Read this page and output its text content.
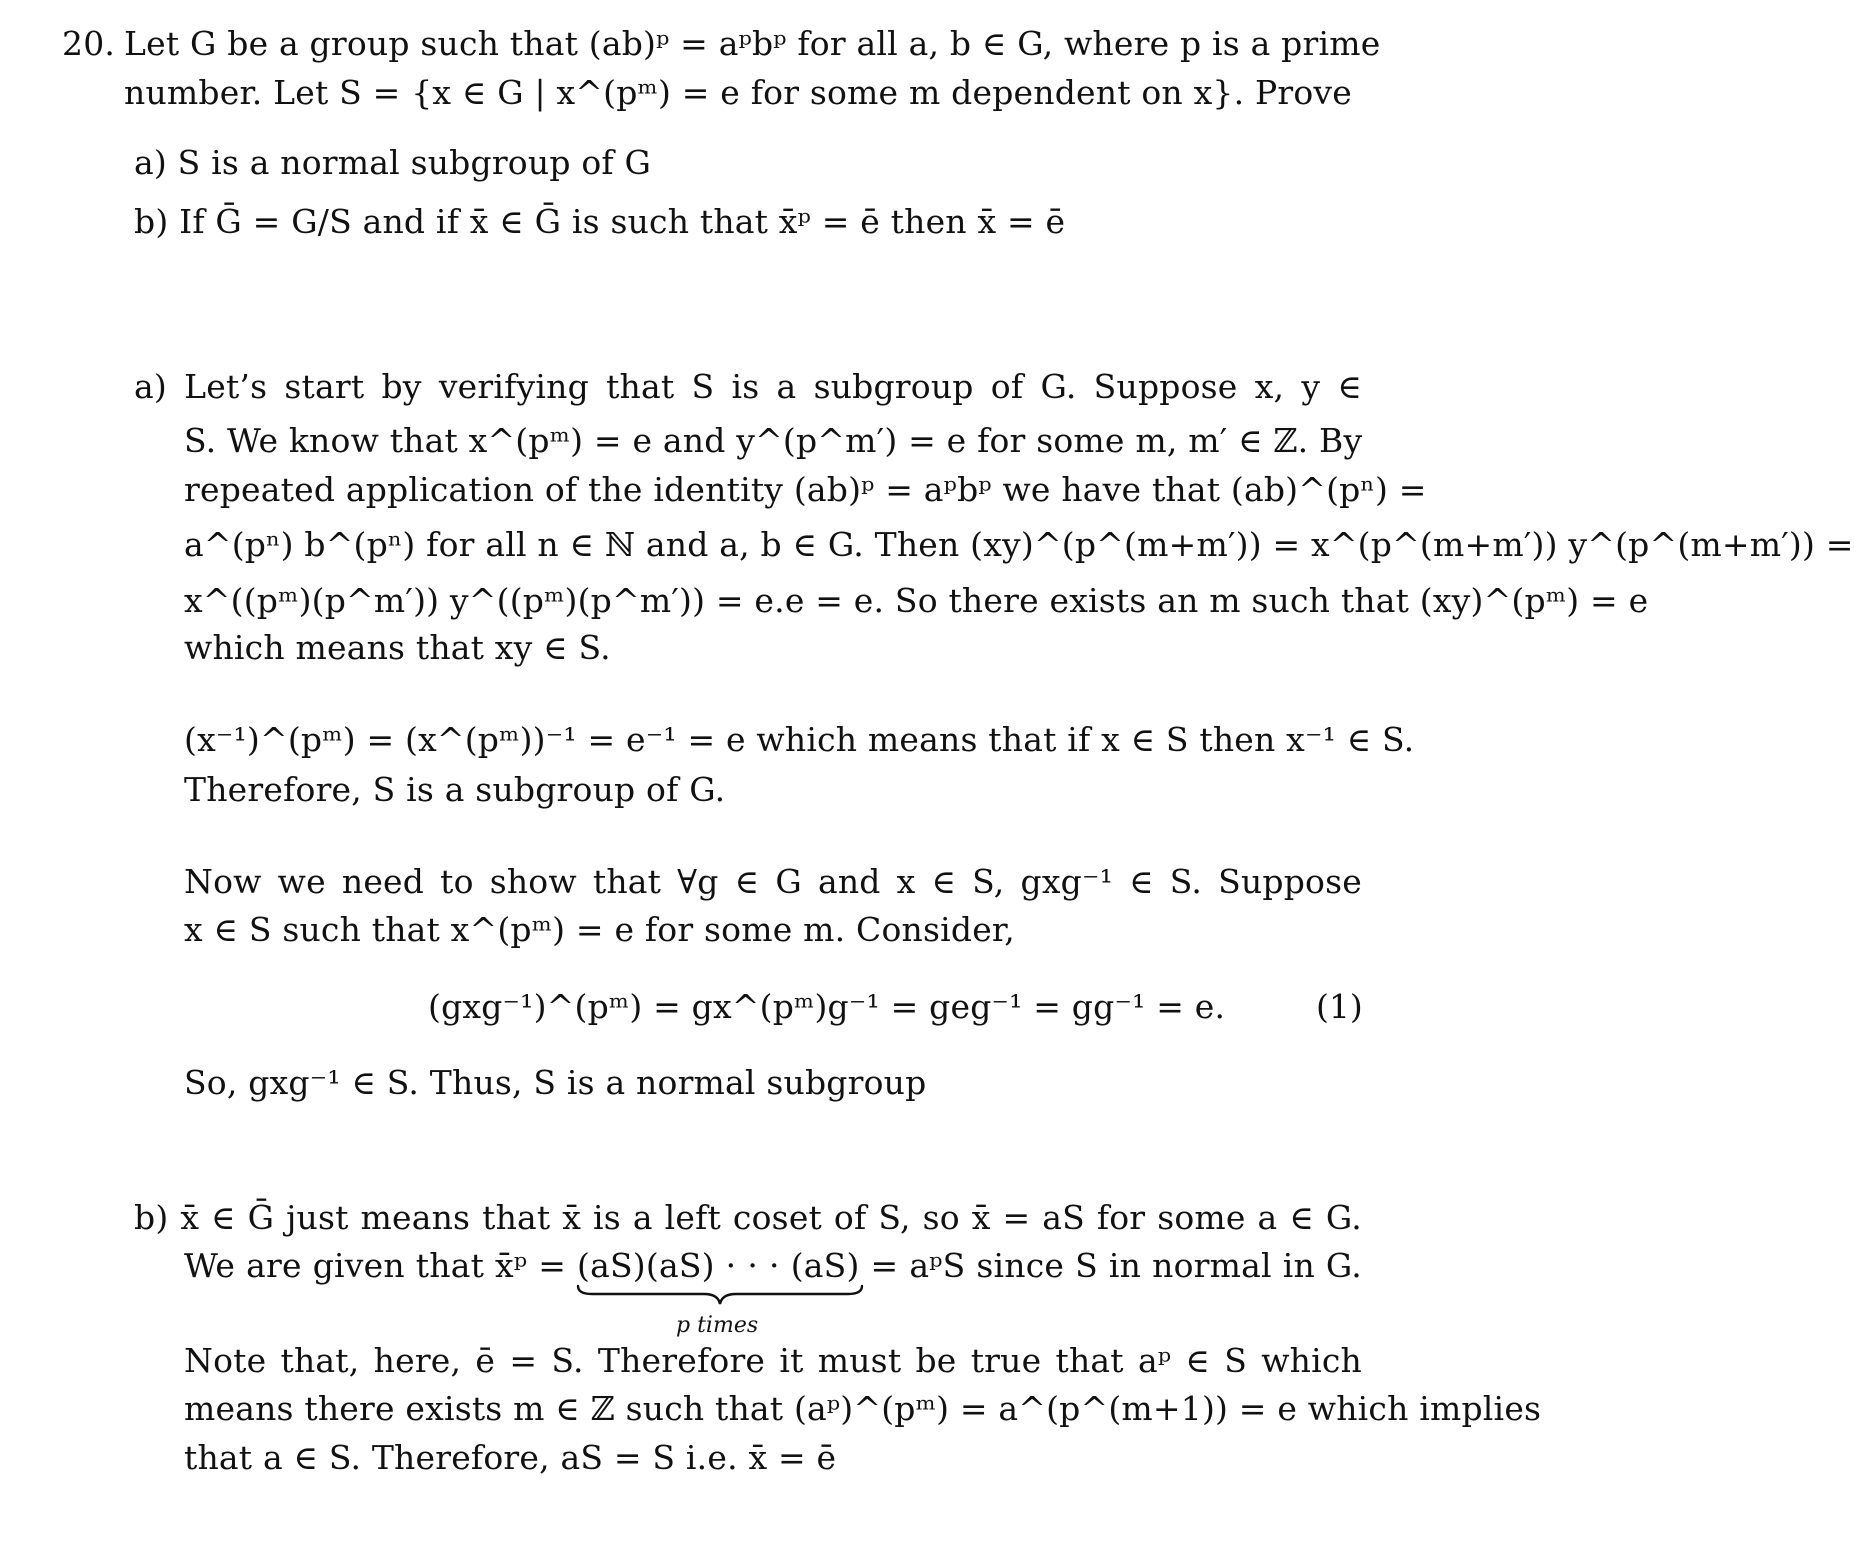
20. Let G be a group such that (ab)ᵖ = aᵖbᵖ for all a, b ∈ G, where p is a prime
number. Let S = {x ∈ G | x^(pᵐ) = e for some m dependent on x}. Prove
a) S is a normal subgroup of G
b) If Ḡ = G/S and if x̄ ∈ Ḡ is such that x̄ᵖ = ē then x̄ = ē
a) Let’s start by verifying that S is a subgroup of G. Suppose x, y ∈
S. We know that x^(pᵐ) = e and y^(p^m′) = e for some m, m′ ∈ ℤ. By
repeated application of the identity (ab)ᵖ = aᵖbᵖ we have that (ab)^(pⁿ) =
a^(pⁿ) b^(pⁿ) for all n ∈ ℕ and a, b ∈ G. Then (xy)^(p^(m+m′)) = x^(p^(m+m′)) y^(p^(m+m′)) =
x^((pᵐ)(p^m′)) y^((pᵐ)(p^m′)) = e.e = e. So there exists an m such that (xy)^(pᵐ) = e
which means that xy ∈ S.
(x⁻¹)^(pᵐ) = (x^(pᵐ))⁻¹ = e⁻¹ = e which means that if x ∈ S then x⁻¹ ∈ S.
Therefore, S is a subgroup of G.
Now we need to show that ∀g ∈ G and x ∈ S, gxg⁻¹ ∈ S. Suppose
x ∈ S such that x^(pᵐ) = e for some m. Consider,
(gxg⁻¹)^(pᵐ) = gx^(pᵐ)g⁻¹ = geg⁻¹ = gg⁻¹ = e.	(1)
So, gxg⁻¹ ∈ S. Thus, S is a normal subgroup
b) x̄ ∈ Ḡ just means that x̄ is a left coset of S, so x̄ = aS for some a ∈ G.
We are given that x̄ᵖ = (aS)(aS) · · · (aS) = aᵖS since S in normal in G.
p times
Note that, here, ē = S. Therefore it must be true that aᵖ ∈ S which
means there exists m ∈ ℤ such that (aᵖ)^(pᵐ) = a^(p^(m+1)) = e which implies
that a ∈ S. Therefore, aS = S i.e. x̄ = ē
